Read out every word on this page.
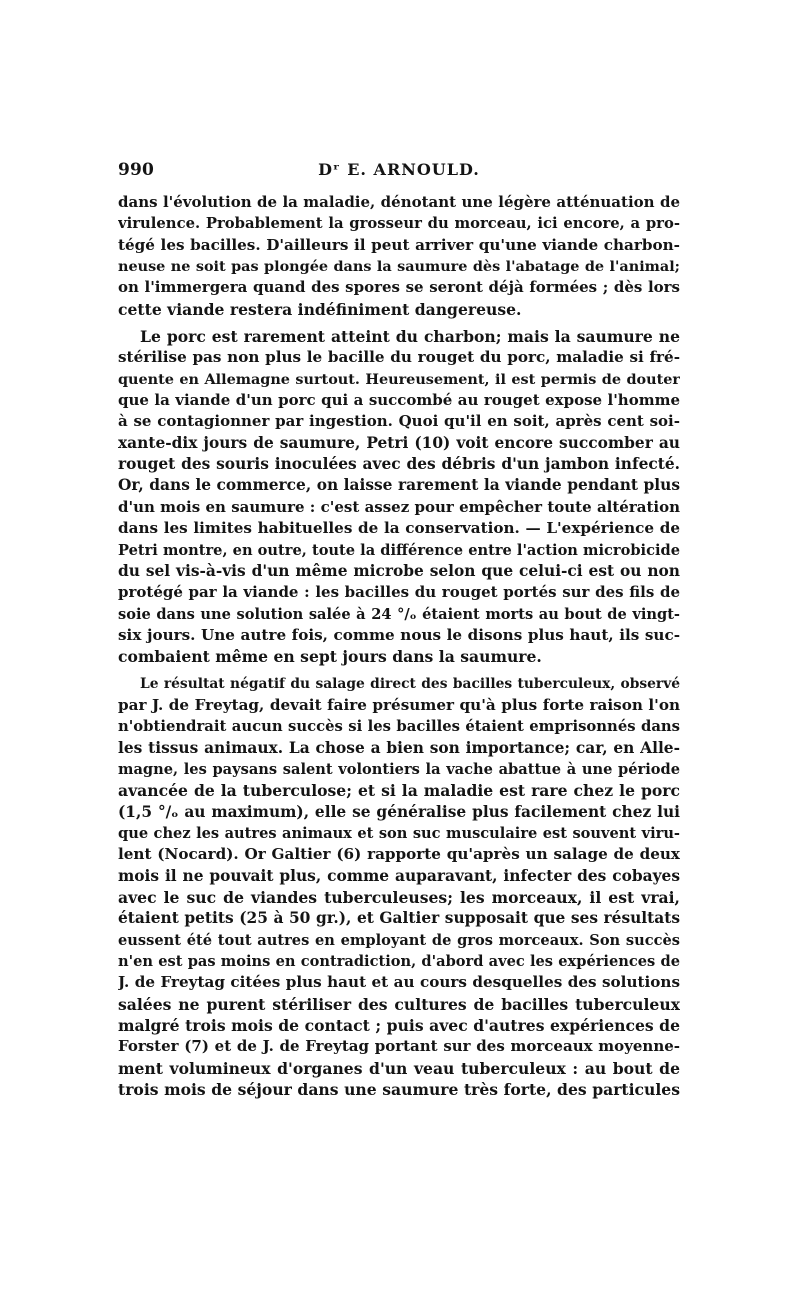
990	Dʳ E. ARNOULD.
dans l'évolution de la maladie, dénotant une légère atténuation de
virulence. Probablement la grosseur du morceau, ici encore, a pro-
tégé les bacilles. D'ailleurs il peut arriver qu'une viande charbon-
neuse ne soit pas plongée dans la saumure dès l'abatage de l'animal;
on l'immergera quand des spores se seront déjà formées ; dès lors
cette viande restera indéfiniment dangereuse.
Le porc est rarement atteint du charbon; mais la saumure ne
stérilise pas non plus le bacille du rouget du porc, maladie si fré-
quente en Allemagne surtout. Heureusement, il est permis de douter
que la viande d'un porc qui a succombé au rouget expose l'homme
à se contagionner par ingestion. Quoi qu'il en soit, après cent soi-
xante-dix jours de saumure, Petri (10) voit encore succomber au
rouget des souris inoculées avec des débris d'un jambon infecté.
Or, dans le commerce, on laisse rarement la viande pendant plus
d'un mois en saumure : c'est assez pour empêcher toute altération
dans les limites habituelles de la conservation. — L'expérience de
Petri montre, en outre, toute la différence entre l'action microbicide
du sel vis-à-vis d'un même microbe selon que celui-ci est ou non
protégé par la viande : les bacilles du rouget portés sur des fils de
soie dans une solution salée à 24 °/ₒ étaient morts au bout de vingt-
six jours. Une autre fois, comme nous le disons plus haut, ils suc-
combaient même en sept jours dans la saumure.
Le résultat négatif du salage direct des bacilles tuberculeux, observé
par J. de Freytag, devait faire présumer qu'à plus forte raison l'on
n'obtiendrait aucun succès si les bacilles étaient emprisonnés dans
les tissus animaux. La chose a bien son importance; car, en Alle-
magne, les paysans salent volontiers la vache abattue à une période
avancée de la tuberculose; et si la maladie est rare chez le porc
(1,5 °/ₒ au maximum), elle se généralise plus facilement chez lui
que chez les autres animaux et son suc musculaire est souvent viru-
lent (Nocard). Or Galtier (6) rapporte qu'après un salage de deux
mois il ne pouvait plus, comme auparavant, infecter des cobayes
avec le suc de viandes tuberculeuses; les morceaux, il est vrai,
étaient petits (25 à 50 gr.), et Galtier supposait que ses résultats
eussent été tout autres en employant de gros morceaux. Son succès
n'en est pas moins en contradiction, d'abord avec les expériences de
J. de Freytag citées plus haut et au cours desquelles des solutions
salées ne purent stériliser des cultures de bacilles tuberculeux
malgré trois mois de contact ; puis avec d'autres expériences de
Forster (7) et de J. de Freytag portant sur des morceaux moyenne-
ment volumineux d'organes d'un veau tuberculeux : au bout de
trois mois de séjour dans une saumure très forte, des particules
